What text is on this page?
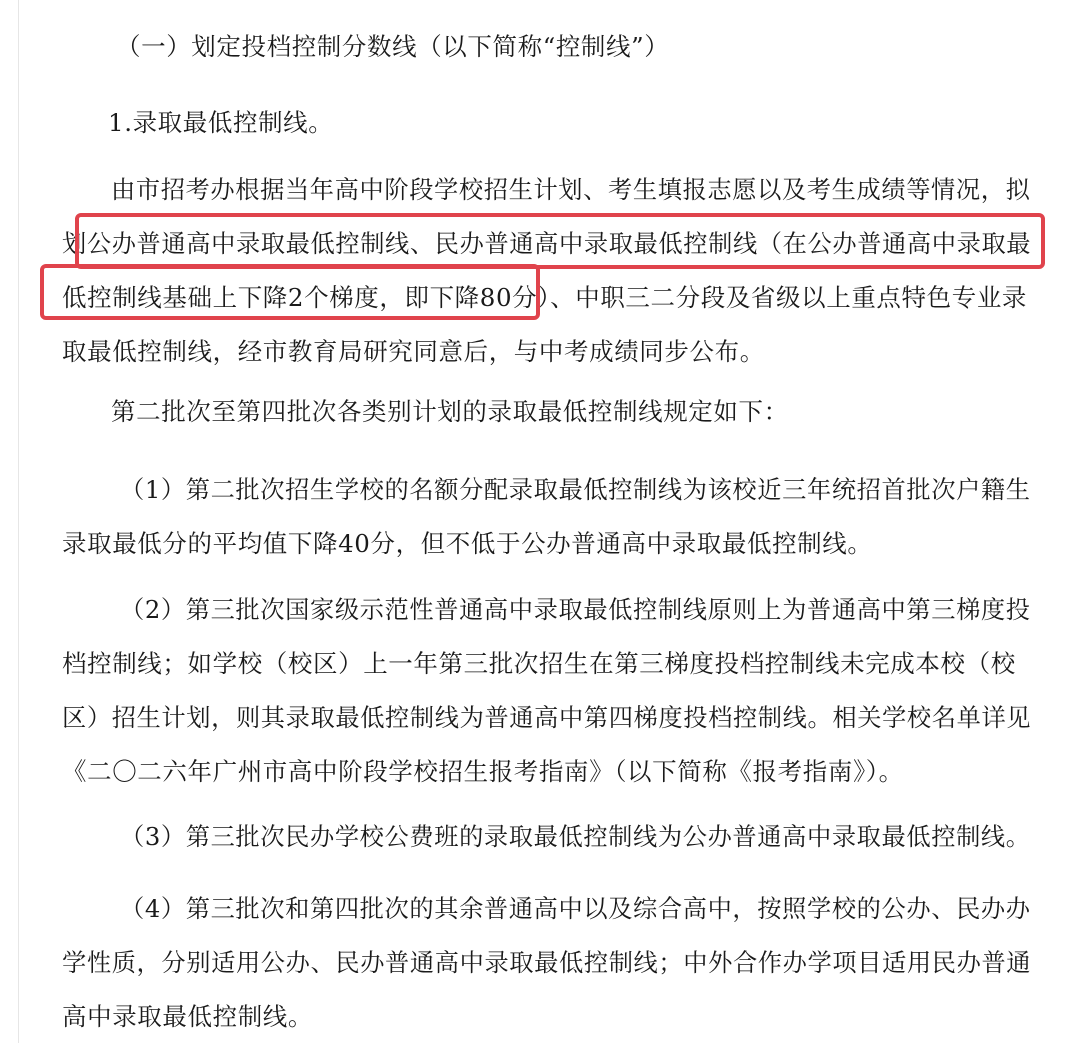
（一）划定投档控制分数线（以下简称“控制线”）

1.录取最低控制线。

由市招考办根据当年高中阶段学校招生计划、考生填报志愿以及考生成绩等情况，拟
划公办普通高中录取最低控制线、民办普通高中录取最低控制线（在公办普通高中录取最
低控制线基础上下降2个梯度，即下降80分）、中职三二分段及省级以上重点特色专业录
取最低控制线，经市教育局研究同意后，与中考成绩同步公布。

第二批次至第四批次各类别计划的录取最低控制线规定如下：

（1）第二批次招生学校的名额分配录取最低控制线为该校近三年统招首批次户籍生
录取最低分的平均值下降40分，但不低于公办普通高中录取最低控制线。
（2）第三批次国家级示范性普通高中录取最低控制线原则上为普通高中第三梯度投
档控制线；如学校（校区）上一年第三批次招生在第三梯度投档控制线未完成本校（校
区）招生计划，则其录取最低控制线为普通高中第四梯度投档控制线。相关学校名单详见
《二〇二六年广州市高中阶段学校招生报考指南》（以下简称《报考指南》）。
（3）第三批次民办学校公费班的录取最低控制线为公办普通高中录取最低控制线。
（4）第三批次和第四批次的其余普通高中以及综合高中，按照学校的公办、民办办
学性质，分别适用公办、民办普通高中录取最低控制线；中外合作办学项目适用民办普通
高中录取最低控制线。
